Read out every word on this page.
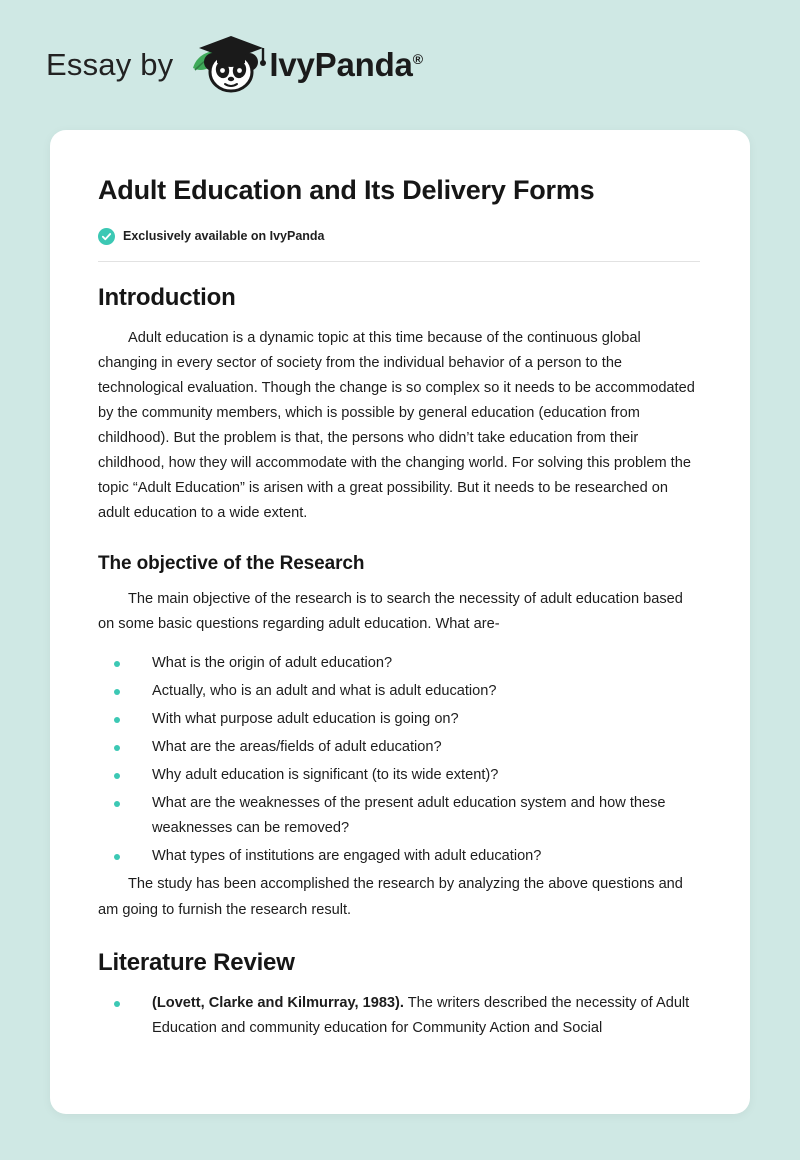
Essay by	IvyPanda®
Adult Education and Its Delivery Forms
Exclusively available on IvyPanda
Introduction

Adult education is a dynamic topic at this time because of the continuous global changing in every sector of society from the individual behavior of a person to the technological evaluation. Though the change is so complex so it needs to be accommodated by the community members, which is possible by general education (education from childhood). But the problem is that, the persons who didn’t take education from their childhood, how they will accommodate with the changing world. For solving this problem the topic “Adult Education” is arisen with a great possibility. But it needs to be researched on adult education to a wide extent.

The objective of the Research

The main objective of the research is to search the necessity of adult education based on some basic questions regarding adult education. What are-

What is the origin of adult education?
Actually, who is an adult and what is adult education?
With what purpose adult education is going on?
What are the areas/fields of adult education?
Why adult education is significant (to its wide extent)?
What are the weaknesses of the present adult education system and how these weaknesses can be removed?
What types of institutions are engaged with adult education?

The study has been accomplished the research by analyzing the above questions and am going to furnish the research result.

Literature Review
(Lovett, Clarke and Kilmurray, 1983). The writers described the necessity of Adult Education and community education for Community Action and Social
